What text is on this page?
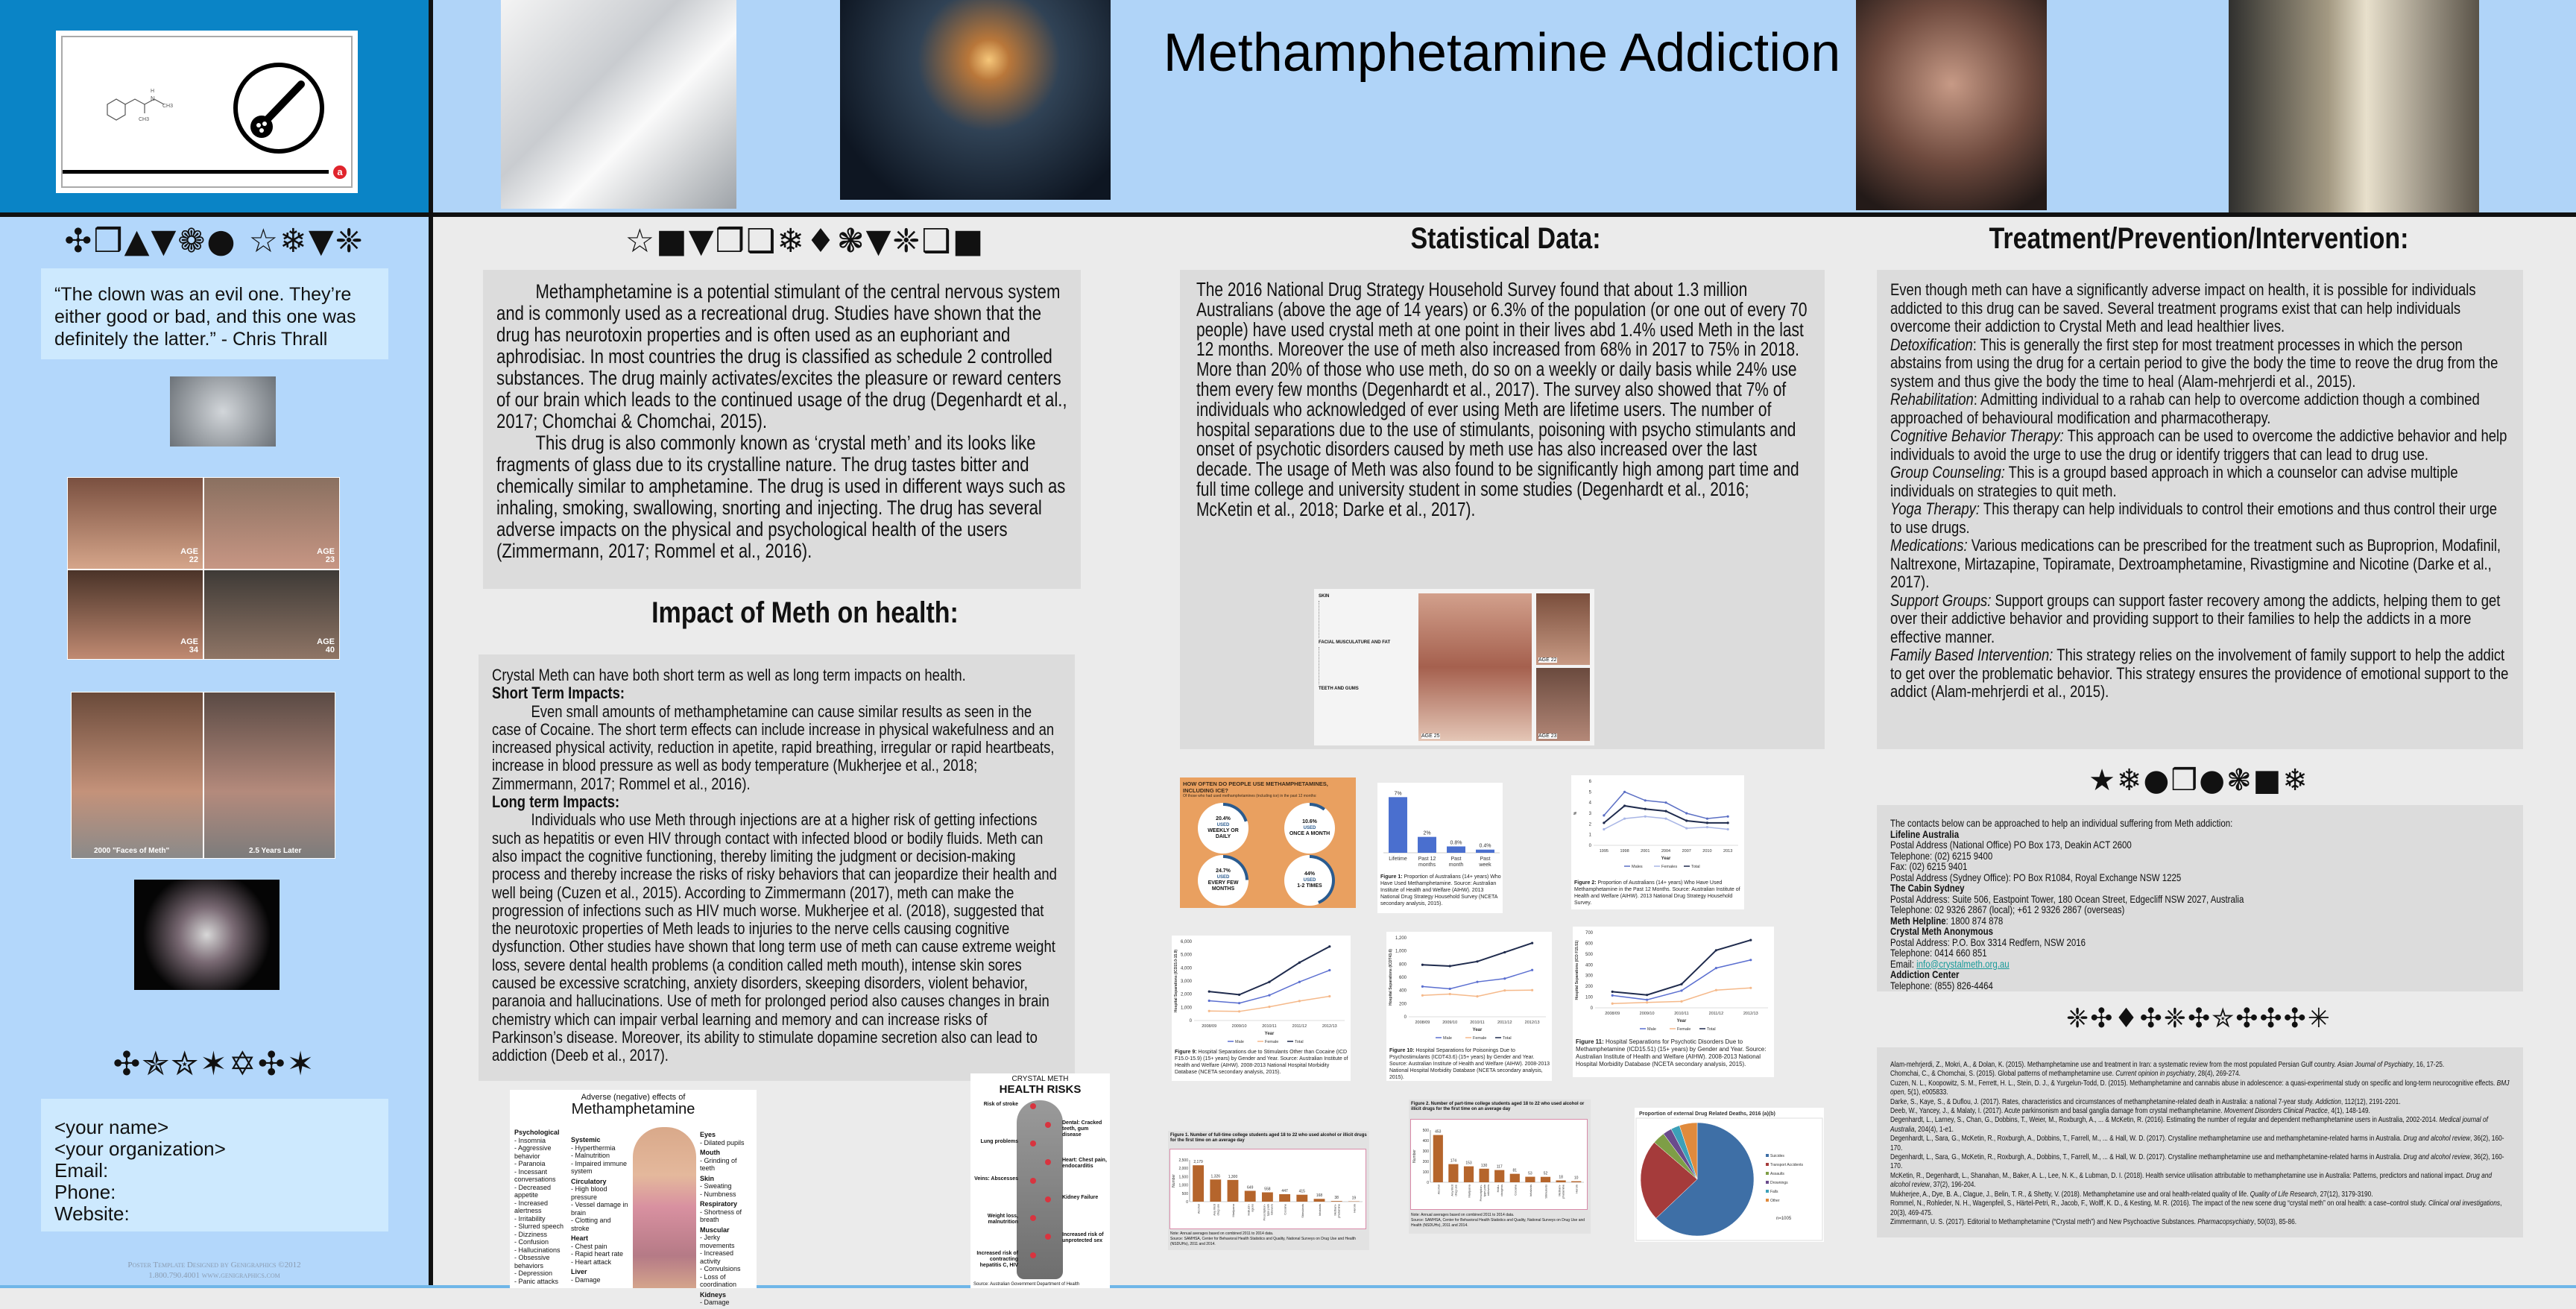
H
N
CH3
CH3
a
Methamphetamine Addiction
✣❒▲▼❁● ☆❄▼❈

“The clown was an evil one. They’re either good or bad, and this one was definitely the latter.” - Chris Thrall

AGE
22
AGE
23
AGE
34
AGE
40
2000 "Faces of Meth"	2.5 Years Later
✣✯✮✶✡✣✶

<your name>

<your organization>

Email:

Phone:

Website:

Poster Template Designed by Genigraphics ©2012
1.800.790.4001 www.genigraphics.com
☆■▼❒❑❄♦❃▼❈❑■

Methamphetamine is a potential stimulant of the central nervous system and is commonly used as a recreational drug. Studies have shown that the drug has neurotoxin properties and is often used as an euphoriant and aphrodisiac. In most countries the drug is classified as schedule 2 controlled substances. The drug mainly activates/excites the pleasure or reward centers of our brain which leads to the continued usage of the drug (Degenhardt et al., 2017; Chomchai & Chomchai, 2015).

This drug is also commonly known as ‘crystal meth’ and its looks like fragments of glass due to its crystalline nature. The drug tastes bitter and chemically similar to amphetamine. The drug is used in different ways such as inhaling, smoking, swallowing, snorting and injecting. The drug has several adverse impacts on the physical and psychological health of the users (Zimmermann, 2017; Rommel et al., 2016).

Impact of Meth on health:

Crystal Meth can have both short term as well as long term impacts on health.

Short Term Impacts:

Even small amounts of methamphetamine can cause similar results as seen in the case of Cocaine. The short term effects can include increase in physical wakefulness and an increased physical activity, reduction in apetite, rapid breathing, irregular or rapid heartbeats, increase in blood pressure as well as body temperature (Mukherjee et al., 2018; Zimmermann, 2017; Rommel et al., 2016).

Long term Impacts:

Individuals who use Meth through injections are at a higher risk of getting infections such as hepatitis or even HIV through contact with infected blood or bodily fluids. Meth can also impact the cognitive functioning, thereby limiting the judgment or decision-making process and thereby increase the risks of risky behaviors that can jeopardize their health and well being (Cuzen et al., 2015). According to Zimmermann (2017), meth can make the progression of infections such as HIV much worse. Mukherjee et al. (2018), suggested that the neurotoxic properties of Meth leads to injuries to the nerve cells causing cognitive dysfunction. Other studies have shown that long term use of meth can cause extreme weight loss, severe dental health problems (a condition called meth mouth), intense skin sores caused be excessive scratching, anxiety disorders, skeeping disorders, violent behavior, paranoia and hallucinations. Use of meth for prolonged period also causes changes in brain chemistry which can impair verbal learning and memory and can increase risks of Parkinson’s disease. Moreover, its ability to stimulate dopamine secretion also can lead to addiction (Deeb et al., 2017).

Adverse (negative) effects of
Methamphetamine
Psychological
- Insomnia
- Aggressive behavior
- Paranoia
- Incessant conversations
- Decreased appetite
- Increased alertness
- Irritability
- Slurred speech
- Dizziness
- Confusion
- Hallucinations
- Obsessive behaviors
- Depression
- Panic attacks
Systemic
- Hyperthermia
- Malnutrition
- Impaired immune system
Circulatory
- High blood pressure
- Vessel damage in brain
- Clotting and stroke
Heart
- Chest pain
- Rapid heart rate
- Heart attack
Liver
- Damage
Eyes
- Dilated pupils
Mouth
- Grinding of teeth
Skin
- Sweating
- Numbness
Respiratory
- Shortness of breath
Muscular
- Jerky movements
- Increased activity
- Convulsions
- Loss of coordination
Kidneys
- Damage
CRYSTAL METH
HEALTH RISKS
Risk of stroke
Dental: Cracked teeth, gum disease
Lung problems
Heart: Chest pain, endocarditis
Veins: Abscesses
Kidney Failure
Weight loss, malnutrition
Increased risk of unprotected sex
Increased risk of contracting hepatitis C, HIV
Source: Australian Government Department of Health
Statistical Data:

The 2016 National Drug Strategy Household Survey found that about 1.3 million Australians (above the age of 14 years) or 6.3% of the population (or one out of every 70 people) have used crystal meth at one point in their lives abd 1.4% used Meth in the last 12 months. Moreover the use of meth also increased from 68% in 2017 to 75% in 2018. More than 20% of those who use meth, do so on a weekly or daily basis while 24% use them every few months (Degenhardt et al., 2017). The survey also showed that 7% of individuals who acknowledged of ever using Meth are lifetime users. The number of hospital separations due to the use of stimulants, poisoning with psycho stimulants and onset of psychotic disorders caused by meth use has also increased over the last decade. The usage of Meth was also found to be significantly high among part time and full time college and university student in some studies (Degenhardt et al., 2016; McKetin et al., 2018; Darke et al., 2017).

SKIN
FACIAL MUSCULATURE AND FAT
TEETH AND GUMS
AGE 25
AGE 22
AGE 23
HOW OFTEN DO PEOPLE USE METHAMPHETAMINES, INCLUDING ICE?
Of those who had used methamphetamines (including ice) in the past 12 months:
20.4%
USED
WEEKLY OR DAILY
10.6%
USED
ONCE A MONTH
24.7%
USED
EVERY FEW MONTHS
44%
USED
1-2 TIMES
7%
Lifetime
2%
Past 12
months
0.8%
Past
month
0.4%
Past
week
Figure 1: Proportion of Australians (14+ years) Who Have Used Methamphetamine. Source: Australian Institute of Health and Welfare (AIHW). 2013 National Drug Strategy Household Survey (NCETA secondary analysis, 2015).
0
1
2
3
4
5
6
%
1995	1998	2001	2004	2007	2010	2013
Year
Males	Females	Total
Figure 2: Proportion of Australians (14+ years) Who Have Used Methamphetamine in the Past 12 Months. Source: Australian Institute of Health and Welfare (AIHW). 2013 National Drug Strategy Household Survey.
0
1,000
2,000
3,000
4,000
5,000
6,000
Hospital Separations (ICD15.0-15.9)
2008/09	2009/10	2010/11	2011/12	2012/13
Year
Male	Female	Total
Figure 9: Hospital Separations due to Stimulants Other than Cocaine (ICD F15.0-15.9) (15+ years) by Gender and Year. Source: Australian Institute of Health and Welfare (AIHW). 2008-2013 National Hospital Morbidity Database (NCETA secondary analysis, 2015).
0
200
400
600
800
1,000
1,200
Hospital Separations (ICDT43.6)
2008/09	2009/10	2010/11	2011/12	2012/13
Year
Male	Female	Total
Figure 10: Hospital Separations for Poisonings Due to Psychostimulants (ICDT43.6) (15+ years) by Gender and Year. Source: Australian Institute of Health and Welfare (AIHW). 2008-2013 National Hospital Morbidity Database (NCETA secondary analysis, 2015).
0
100
200
300
400
500
600
700
Hospital Separations (ICD F15.51)
2008/09	2009/10	2010/11	2011/12	2012/13
Year
Male	Female	Total
Figure 11: Hospital Separations for Psychotic Disorders Due to Methamphetamine (ICD15.51) (15+ years) by Gender and Year. Source: Australian Institute of Health and Welfare (AIHW). 2008-2013 National Hospital Morbidity Database (NCETA secondary analysis, 2015).
Figure 1. Number of full-time college students aged 18 to 22 who used alcohol or illicit drugs for the first time on an average day
0
500
1,000
1,500
2,000
2,500
Number
2,179
Alcohol
1,326
Any Illicit drug use
1,300
Marijuana
649
Hallucin- ogens
558
Prescription- type pain relievers
447
Cocaine
415
Stimulants
168
Inhalants
38
Metham- phetamine
19
Heroin
Note: Annual averages based on combined 2011 to 2014 data.
Source: SAMHSA, Center for Behavioral Health Statistics and Quality, National Surveys on Drug Use and Health (NSDUHs), 2011 and 2014.
Figure 2. Number of part-time college students aged 18 to 22 who used alcohol or illicit drugs for the first time on an average day
0
100
200
300
400
500
Number
453
Alcohol
174
Any illicit drug use
153
Marijuana
130
Prescription- type pain relievers
117
Hallu- cinogens
81
Cocaine
53
Inhalants
52
Stimulants
18
Metham- phetamine
10
Heroin
Note: Annual averages based on combined 2011 to 2014 data.
Source: SAMHSA, Center for Behavioral Health Statistics and Quality, National Surveys on Drug Use and Health (NSDUHs), 2011 and 2014.
Proportion of external Drug Related Deaths, 2016 (a)(b)
Suicides
Transport Accidents
Assaults
Drownings
Falls
Other
n=1005
Treatment/Prevention/Intervention:

Even though meth can have a significantly adverse impact on health, it is possible for individuals addicted to this drug can be saved. Several treatment programs exist that can help individuals overcome their addiction to Crystal Meth and lead healthier lives.

Detoxification: This is generally the first step for most treatment processes in which the person abstains from using the drug for a certain period to give the body the time to reove the drug from the system and thus give the body the time to heal (Alam-mehrjerdi et al., 2015).

Rehabilitation: Admitting individual to a rahab can help to overcome addiction though a combined approached of behavioural modification and pharmacotherapy.

Cognitive Behavior Therapy: This approach can be used to overcome the addictive behavior and help individuals to avoid the urge to use the drug or identify triggers that can lead to drug use.

Group Counseling: This is a groupd based approach in which a counselor can advise multiple individuals on strategies to quit meth.

Yoga Therapy: This therapy can help individuals to control their emotions and thus control their urge to use drugs.

Medications: Various medications can be prescribed for the treatment such as Buproprion, Modafinil, Naltrexone, Mirtazapine, Topiramate, Dextroamphetamine, Rivastigmine and Nicotine (Darke et al., 2017).

Support Groups: Support groups can support faster recovery among the addicts, helping them to get over their addictive behavior and providing support to their families to help the addicts in a more effective manner.

Family Based Intervention: This strategy relies on the involvement of family support to help the addict to get over the problematic behavior. This strategy ensures the providence of emotional support to the addict (Alam-mehrjerdi et al., 2015).

★❄●❒●❃■❄

The contacts below can be approached to help an individual suffering from Meth addiction:

Lifeline Australia

Postal Address (National Office) PO Box 173, Deakin ACT 2600

Telephone: (02) 6215 9400

Fax: (02) 6215 9401

Postal Address (Sydney Office): PO Box R1084, Royal Exchange NSW 1225

The Cabin Sydney

Postal Address: Suite 506, Eastpoint Tower, 180 Ocean Street, Edgecliff NSW 2027, Australia

Telephone: 02 9326 2867 (local); +61 2 9326 2867 (overseas)

Meth Helpline: 1800 874 878

Crystal Meth Anonymous

Postal Address: P.O. Box 3314 Redfern, NSW 2016

Telephone: 0414 660 851

Email: info@crystalmeth.org.au

Addiction Center

Telephone: (855) 826-4464

❈✣♦✣❈✣✮✣✣✣✳

Alam-mehrjerdi, Z., Mokri, A., & Dolan, K. (2015). Methamphetamine use and treatment in Iran: a systematic review from the most populated Persian Gulf country. Asian Journal of Psychiatry, 16, 17-25.

Chomchai, C., & Chomchai, S. (2015). Global patterns of methamphetamine use. Current opinion in psychiatry, 28(4), 269-274.

Cuzen, N. L., Koopowitz, S. M., Ferrett, H. L., Stein, D. J., & Yurgelun-Todd, D. (2015). Methamphetamine and cannabis abuse in adolescence: a quasi-experimental study on specific and long-term neurocognitive effects. BMJ open, 5(1), e005833.

Darke, S., Kaye, S., & Duflou, J. (2017). Rates, characteristics and circumstances of methamphetamine-related death in Australia: a national 7-year study. Addiction, 112(12), 2191-2201.

Deeb, W., Yancey, J., & Malaty, I. (2017). Acute parkinsonism and basal ganglia damage from crystal methamphetamine. Movement Disorders Clinical Practice, 4(1), 148-149.

Degenhardt, L., Larney, S., Chan, G., Dobbins, T., Weier, M., Roxburgh, A., ... & McKetin, R. (2016). Estimating the number of regular and dependent methamphetamine users in Australia, 2002-2014. Medical journal of Australia, 204(4), 1-e1.

Degenhardt, L., Sara, G., McKetin, R., Roxburgh, A., Dobbins, T., Farrell, M., ... & Hall, W. D. (2017). Crystalline methamphetamine use and methamphetamine-related harms in Australia. Drug and alcohol review, 36(2), 160-170.

Degenhardt, L., Sara, G., McKetin, R., Roxburgh, A., Dobbins, T., Farrell, M., ... & Hall, W. D. (2017). Crystalline methamphetamine use and methamphetamine-related harms in Australia. Drug and alcohol review, 36(2), 160-170.

McKetin, R., Degenhardt, L., Shanahan, M., Baker, A. L., Lee, N. K., & Lubman, D. I. (2018). Health service utilisation attributable to methamphetamine use in Australia: Patterns, predictors and national impact. Drug and alcohol review, 37(2), 196-204.

Mukherjee, A., Dye, B. A., Clague, J., Belin, T. R., & Shetty, V. (2018). Methamphetamine use and oral health-related quality of life. Quality of Life Research, 27(12), 3179-3190.

Rommel, N., Rohleder, N. H., Wagenpfeil, S., Härtel-Petri, R., Jacob, F., Wolff, K. D., & Kesting, M. R. (2016). The impact of the new scene drug “crystal meth” on oral health: a case–control study. Clinical oral investigations, 20(3), 469-475.

Zimmermann, U. S. (2017). Editorial to Methamphetamine (“Crystal meth”) and New Psychoactive Substances. Pharmacopsychiatry, 50(03), 85-86.
